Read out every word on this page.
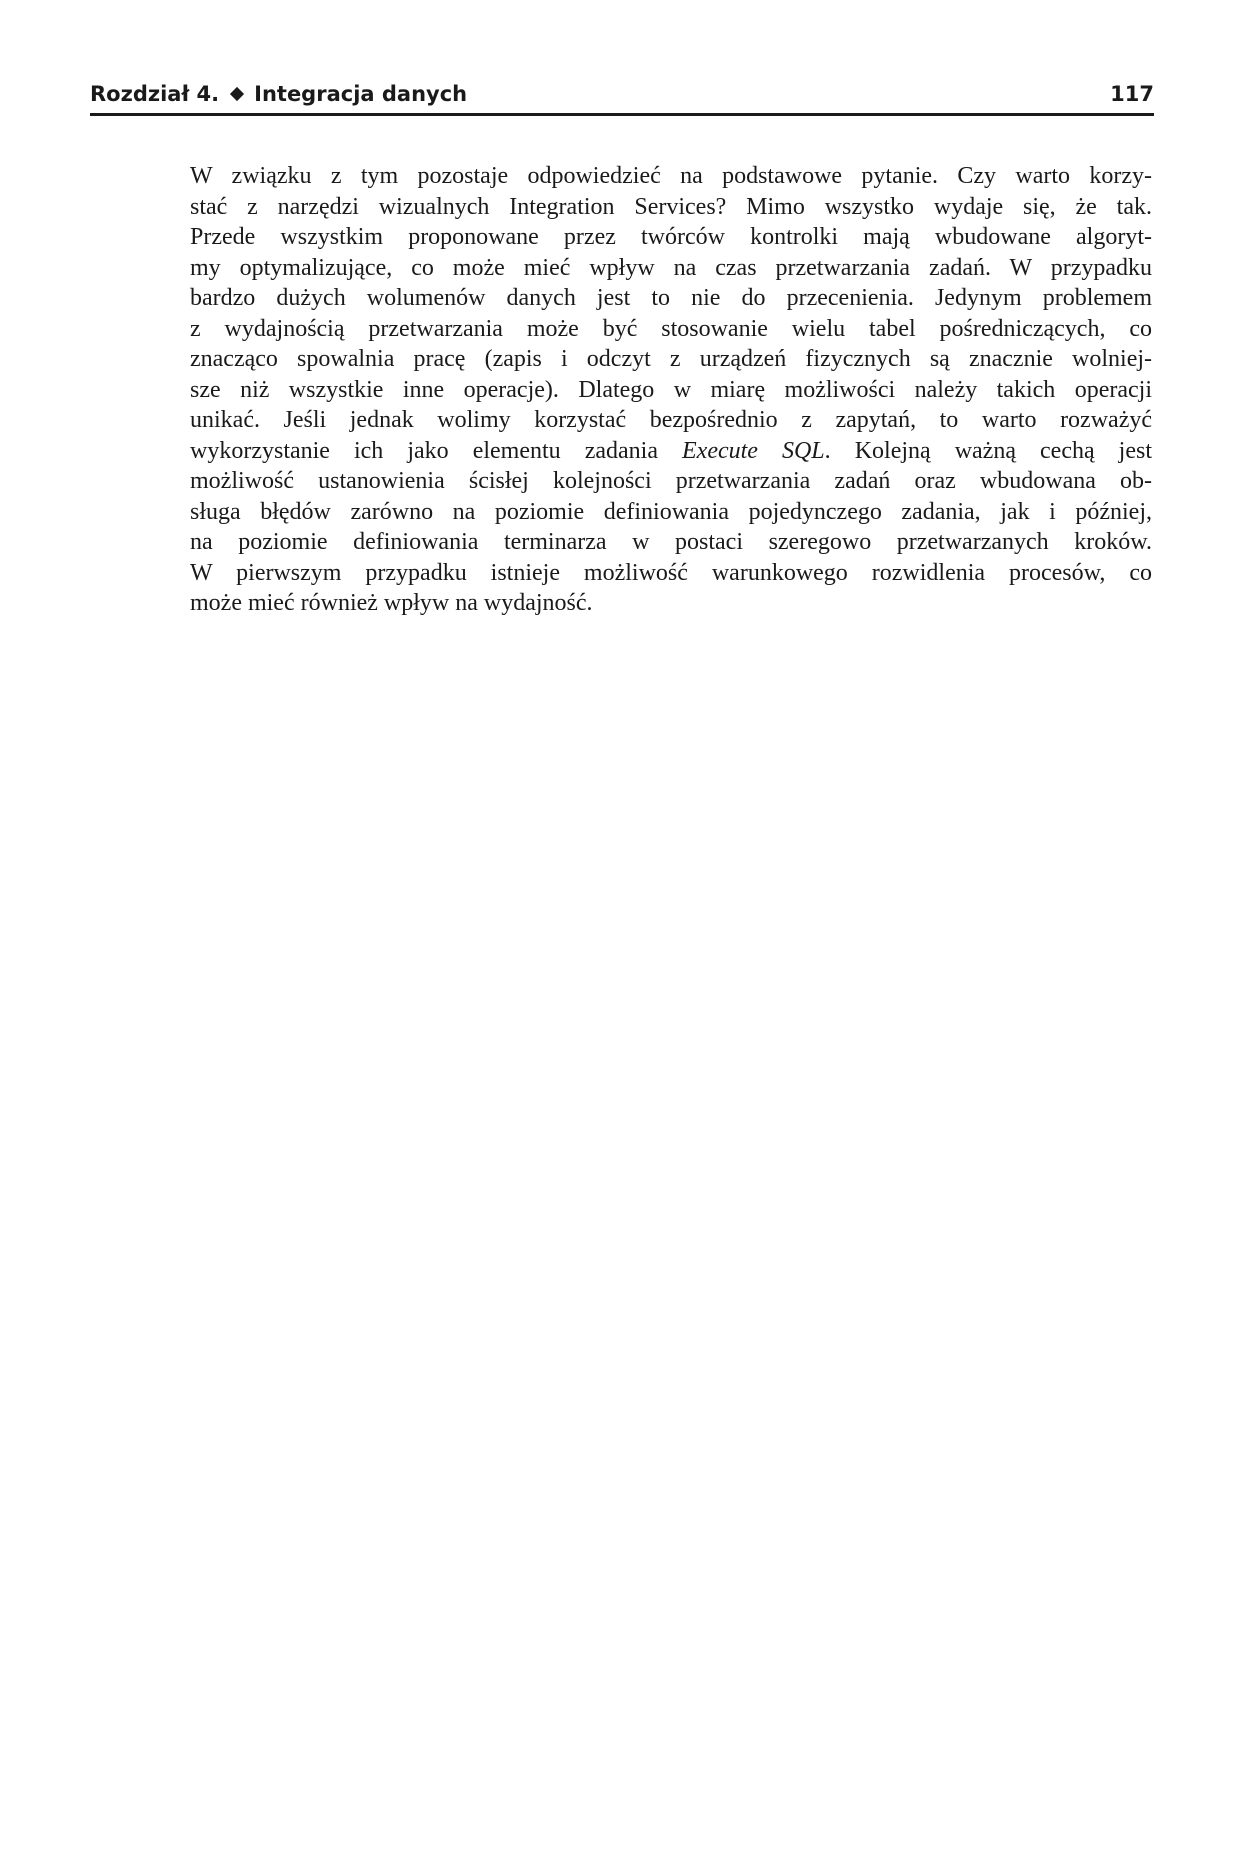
Rozdział 4. Integracja danych	117
W związku z tym pozostaje odpowiedzieć na podstawowe pytanie. Czy warto korzy-
stać z narzędzi wizualnych Integration Services? Mimo wszystko wydaje się, że tak.
Przede wszystkim proponowane przez twórców kontrolki mają wbudowane algoryt-
my optymalizujące, co może mieć wpływ na czas przetwarzania zadań. W przypadku
bardzo dużych wolumenów danych jest to nie do przecenienia. Jedynym problemem
z wydajnością przetwarzania może być stosowanie wielu tabel pośredniczących, co
znacząco spowalnia pracę (zapis i odczyt z urządzeń fizycznych są znacznie wolniej-
sze niż wszystkie inne operacje). Dlatego w miarę możliwości należy takich operacji
unikać. Jeśli jednak wolimy korzystać bezpośrednio z zapytań, to warto rozważyć
wykorzystanie ich jako elementu zadania Execute SQL. Kolejną ważną cechą jest
możliwość ustanowienia ścisłej kolejności przetwarzania zadań oraz wbudowana ob-
sługa błędów zarówno na poziomie definiowania pojedynczego zadania, jak i później,
na poziomie definiowania terminarza w postaci szeregowo przetwarzanych kroków.
W pierwszym przypadku istnieje możliwość warunkowego rozwidlenia procesów, co
może mieć również wpływ na wydajność.
